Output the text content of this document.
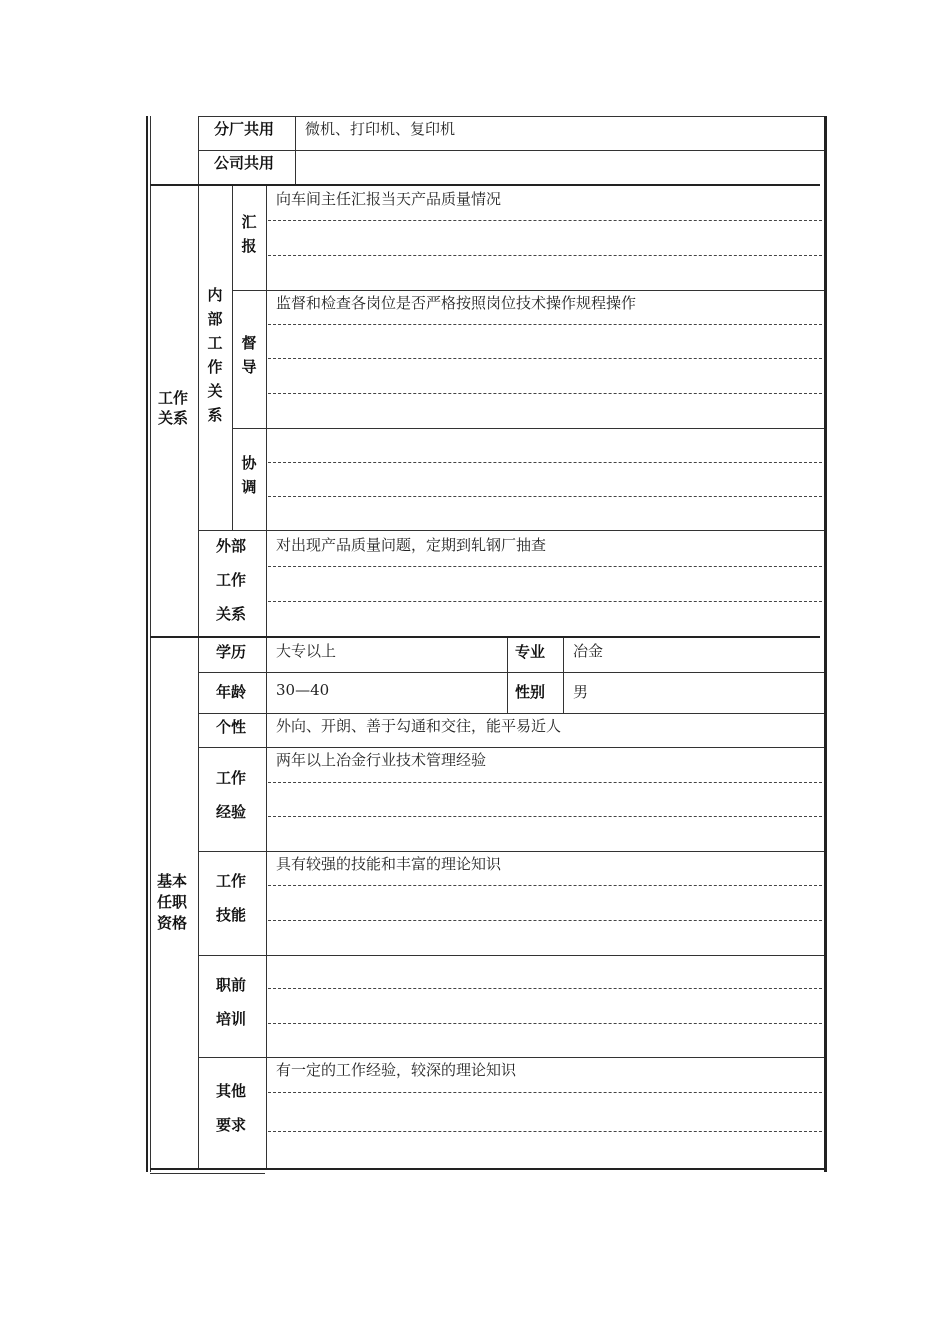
分厂共用 微机、打印机、复印机
公司共用
工作
关系
内
部
工
作
关
系
汇
报
向车间主任汇报当天产品质量情况
督
导
监督和检查各岗位是否严格按照岗位技术操作规程操作
协
调
外部
工作
关系
对出现产品质量问题，定期到轧钢厂抽查
基本
任职
资格
学历 大专以上	专业 冶金
年龄 30—40	性别 男
个性 外向、开朗、善于勾通和交往，能平易近人
工作
经验
两年以上冶金行业技术管理经验
工作
技能
具有较强的技能和丰富的理论知识
职前
培训
其他
要求
有一定的工作经验，较深的理论知识
